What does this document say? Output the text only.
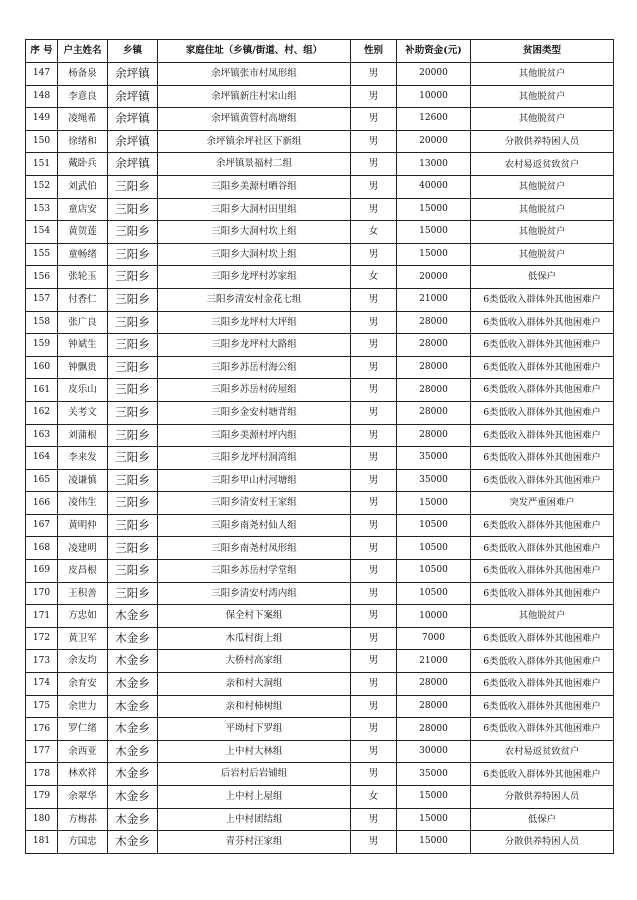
序 号	户主姓名	乡镇	家庭住址（乡镇/街道、村、组）	性别	补助资金(元)	贫困类型
147	杨备泉	余坪镇	余坪镇张市村凤形组	男	20000	其他脱贫户
148	李意良	余坪镇	余坪镇新庄村宋山组	男	10000	其他脱贫户
149	凌绳希	余坪镇	余坪镇黄管村高塘组	男	12600	其他脱贫户
150	徐绪和	余坪镇	余坪镇余坪社区下新组	男	20000	分散供养特困人员
151	戴卧兵	余坪镇	余坪镇景福村二组	男	13000	农村易返贫致贫户
152	刘武伯	三阳乡	三阳乡美源村晒谷组	男	40000	其他脱贫户
153	童店安	三阳乡	三阳乡大洞村田里组	男	15000	其他脱贫户
154	黄贺莲	三阳乡	三阳乡大洞村坎上组	女	15000	其他脱贫户
155	童畅绪	三阳乡	三阳乡大洞村坎上组	男	15000	其他脱贫户
156	张轮玉	三阳乡	三阳乡龙坪村苏家组	女	20000	低保户
157	付香仁	三阳乡	三阳乡清安村金花七组	男	21000	6类低收入群体外其他困难户
158	张广良	三阳乡	三阳乡龙坪村大坪组	男	28000	6类低收入群体外其他困难户
159	钟斌生	三阳乡	三阳乡龙坪村大路组	男	28000	6类低收入群体外其他困难户
160	钟飘贵	三阳乡	三阳乡苏岳村海公组	男	28000	6类低收入群体外其他困难户
161	皮乐山	三阳乡	三阳乡苏岳村砖屋组	男	28000	6类低收入群体外其他困难户
162	关考文	三阳乡	三阳乡金安村塘背组	男	28000	6类低收入群体外其他困难户
163	刘蒲根	三阳乡	三阳乡美源村坪内组	男	28000	6类低收入群体外其他困难户
164	李来发	三阳乡	三阳乡龙坪村洞湾组	男	35000	6类低收入群体外其他困难户
165	凌谦慎	三阳乡	三阳乡甲山村河塘组	男	35000	6类低收入群体外其他困难户
166	凌伟生	三阳乡	三阳乡清安村王家组	男	15000	突发严重困难户
167	黄明仲	三阳乡	三阳乡南尧村仙人组	男	10500	6类低收入群体外其他困难户
168	凌建明	三阳乡	三阳乡南尧村凤形组	男	10500	6类低收入群体外其他困难户
169	皮昌根	三阳乡	三阳乡苏岳村学堂组	男	10500	6类低收入群体外其他困难户
170	王积善	三阳乡	三阳乡清安村湾内组	男	10500	6类低收入群体外其他困难户
171	方忠如	木金乡	保全村下案组	男	10000	其他脱贫户
172	黄卫军	木金乡	木瓜村街上组	男	7000	6类低收入群体外其他困难户
173	余友均	木金乡	大桥村高家组	男	21000	6类低收入群体外其他困难户
174	余育安	木金乡	亲和村大洞组	男	28000	6类低收入群体外其他困难户
175	余世力	木金乡	亲和村柿树组	男	28000	6类低收入群体外其他困难户
176	罗仁绪	木金乡	平坳村下罗组	男	28000	6类低收入群体外其他困难户
177	余西亚	木金乡	上中村大林组	男	30000	农村易返贫致贫户
178	林欢祥	木金乡	后岩村后岩铺组	男	35000	6类低收入群体外其他困难户
179	余翠华	木金乡	上中村上屋组	女	15000	分散供养特困人员
180	方梅荪	木金乡	上中村团结组	男	15000	低保户
181	方国忠	木金乡	青芬村汪家组	男	15000	分散供养特困人员
